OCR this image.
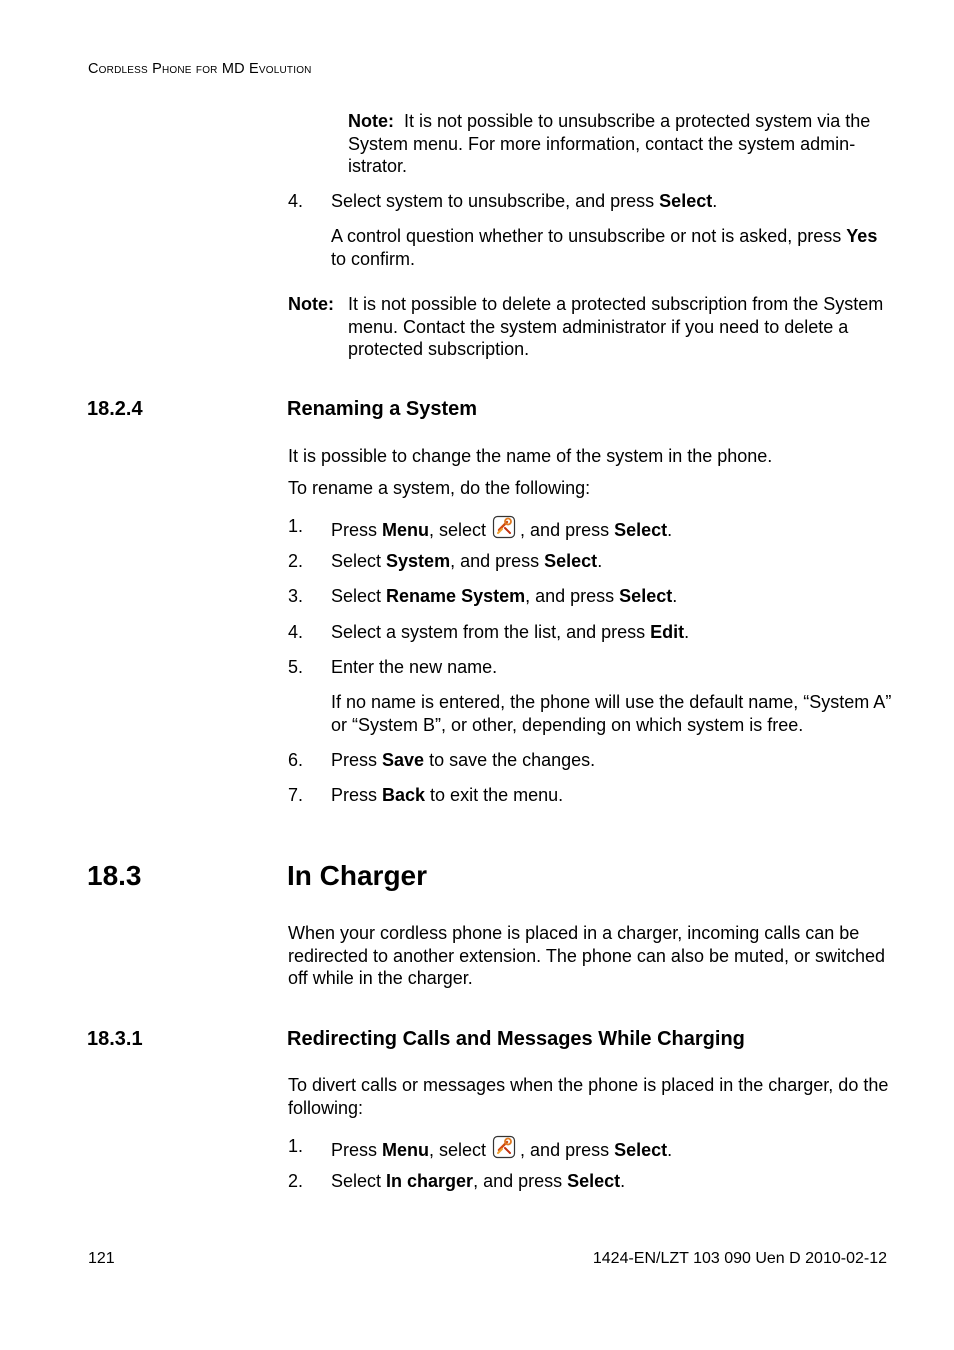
Cordless Phone for MD Evolution
Note: It is not possible to unsubscribe a protected system via the System menu. For more information, contact the system admin-istrator.
4. Select system to unsubscribe, and press Select.
A control question whether to unsubscribe or not is asked, press Yes to confirm.
Note: It is not possible to delete a protected subscription from the System menu. Contact the system administrator if you need to delete a protected subscription.
18.2.4	Renaming a System
It is possible to change the name of the system in the phone.
To rename a system, do the following:
1. Press Menu, select , and press Select.
2. Select System, and press Select.
3. Select Rename System, and press Select.
4. Select a system from the list, and press Edit.
5. Enter the new name.
If no name is entered, the phone will use the default name, “System A” or “System B”, or other, depending on which system is free.
6. Press Save to save the changes.
7. Press Back to exit the menu.
18.3	In Charger
When your cordless phone is placed in a charger, incoming calls can be redirected to another extension. The phone can also be muted, or switched off while in the charger.
18.3.1	Redirecting Calls and Messages While Charging
To divert calls or messages when the phone is placed in the charger, do the following:
1. Press Menu, select , and press Select.
2. Select In charger, and press Select.
121	1424-EN/LZT 103 090 Uen D 2010-02-12
